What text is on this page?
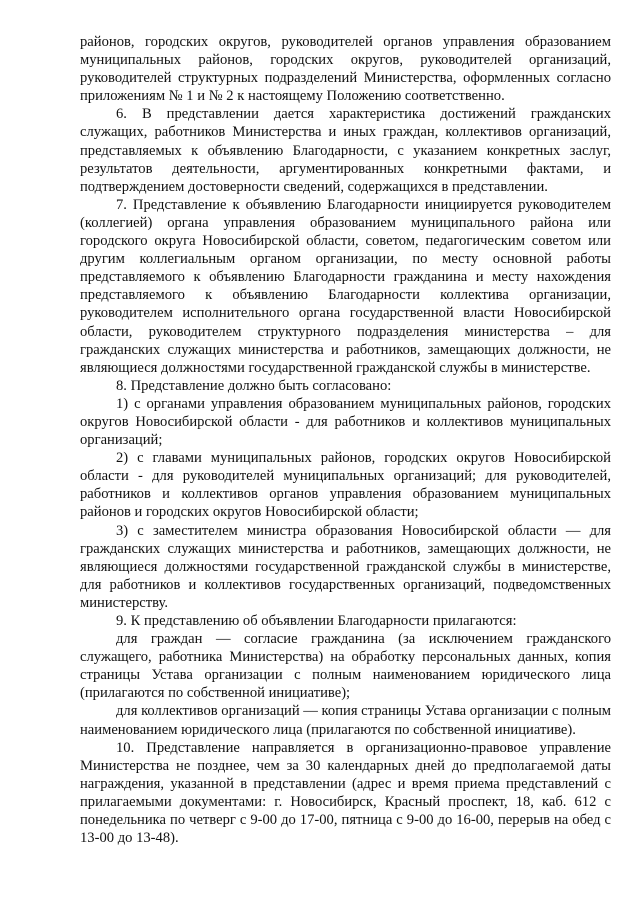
районов, городских округов, руководителей органов управления образованием муниципальных районов, городских округов, руководителей организаций, руководителей структурных подразделений Министерства, оформленных согласно приложениям № 1 и № 2 к настоящему Положению соответственно.

6. В представлении дается характеристика достижений гражданских служащих, работников Министерства и иных граждан, коллективов организаций, представляемых к объявлению Благодарности, с указанием конкретных заслуг, результатов деятельности, аргументированных конкретными фактами, и подтверждением достоверности сведений, содержащихся в представлении.

7. Представление к объявлению Благодарности инициируется руководителем (коллегией) органа управления образованием муниципального района или городского округа Новосибирской области, советом, педагогическим советом или другим коллегиальным органом организации, по месту основной работы представляемого к объявлению Благодарности гражданина и месту нахождения представляемого к объявлению Благодарности коллектива организации, руководителем исполнительного органа государственной власти Новосибирской области, руководителем структурного подразделения министерства – для гражданских служащих министерства и работников, замещающих должности, не являющиеся должностями государственной гражданской службы в министерстве.

8. Представление должно быть согласовано:

1) с органами управления образованием муниципальных районов, городских округов Новосибирской области - для работников и коллективов муниципальных организаций;

2) с главами муниципальных районов, городских округов Новосибирской области - для руководителей муниципальных организаций; для руководителей, работников и коллективов органов управления образованием муниципальных районов и городских округов Новосибирской области;

3) с заместителем министра образования Новосибирской области — для гражданских служащих министерства и работников, замещающих должности, не являющиеся должностями государственной гражданской службы в министерстве, для работников и коллективов государственных организаций, подведомственных министерству.

9. К представлению об объявлении Благодарности прилагаются:

для граждан — согласие гражданина (за исключением гражданского служащего, работника Министерства) на обработку персональных данных, копия страницы Устава организации с полным наименованием юридического лица (прилагаются по собственной инициативе);

для коллективов организаций — копия страницы Устава организации с полным наименованием юридического лица (прилагаются по собственной инициативе).

10. Представление направляется в организационно-правовое управление Министерства не позднее, чем за 30 календарных дней до предполагаемой даты награждения, указанной в представлении (адрес и время приема представлений с прилагаемыми документами: г. Новосибирск, Красный проспект, 18, каб. 612 с понедельника по четверг с 9-00 до 17-00, пятница с 9-00 до 16-00, перерыв на обед с 13-00 до 13-48).
